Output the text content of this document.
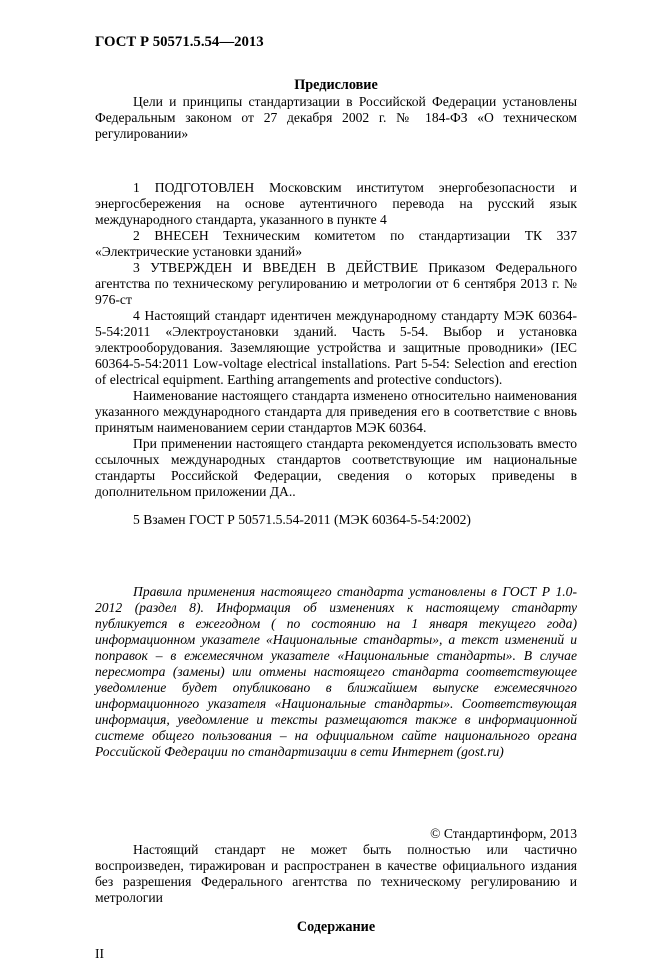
ГОСТ Р 50571.5.54—2013
Предисловие

Цели и принципы стандартизации в Российской Федерации установлены Федеральным законом от 27 декабря 2002 г. № 184-ФЗ «О техническом регулировании»

1 ПОДГОТОВЛЕН Московским институтом энергобезопасности и энергосбережения на основе аутентичного перевода на русский язык международного стандарта, указанного в пункте 4

2 ВНЕСЕН Техническим комитетом по стандартизации ТК 337 «Электрические установки зданий»

3 УТВЕРЖДЕН И ВВЕДЕН В ДЕЙСТВИЕ Приказом Федерального агентства по техническому регулированию и метрологии от 6 сентября 2013 г. № 976-ст

4 Настоящий стандарт идентичен международному стандарту МЭК 60364-5-54:2011 «Электроустановки зданий. Часть 5-54. Выбор и установка электрооборудования. Заземляющие устройства и защитные проводники» (IEC 60364-5-54:2011 Low-voltage electrical installations. Part 5-54: Selection and erection of electrical equipment. Earthing arrangements and protective conductors).

Наименование настоящего стандарта изменено относительно наименования указанного международного стандарта для приведения его в соответствие с вновь принятым наименованием серии стандартов МЭК 60364.

При применении настоящего стандарта рекомендуется использовать вместо ссылочных международных стандартов соответствующие им национальные стандарты Российской Федерации, сведения о которых приведены в дополнительном приложении ДА..

5 Взамен ГОСТ Р 50571.5.54-2011 (МЭК 60364-5-54:2002)

Правила применения настоящего стандарта установлены в ГОСТ Р 1.0-2012 (раздел 8). Информация об изменениях к настоящему стандарту публикуется в ежегодном ( по состоянию на 1 января текущего года) информационном указателе «Национальные стандарты», а текст изменений и поправок – в ежемесячном указателе «Национальные стандарты». В случае пересмотра (замены) или отмены настоящего стандарта соответствующее уведомление будет опубликовано в ближайшем выпуске ежемесячного информационного указателя «Национальные стандарты». Соответствующая информация, уведомление и тексты размещаются также в информационной системе общего пользования – на официальном сайте национального органа Российской Федерации по стандартизации в сети Интернет (gost.ru)

© Стандартинформ, 2013

Настоящий стандарт не может быть полностью или частично воспроизведен, тиражирован и распространен в качестве официального издания без разрешения Федерального агентства по техническому регулированию и метрологии

Содержание

II
